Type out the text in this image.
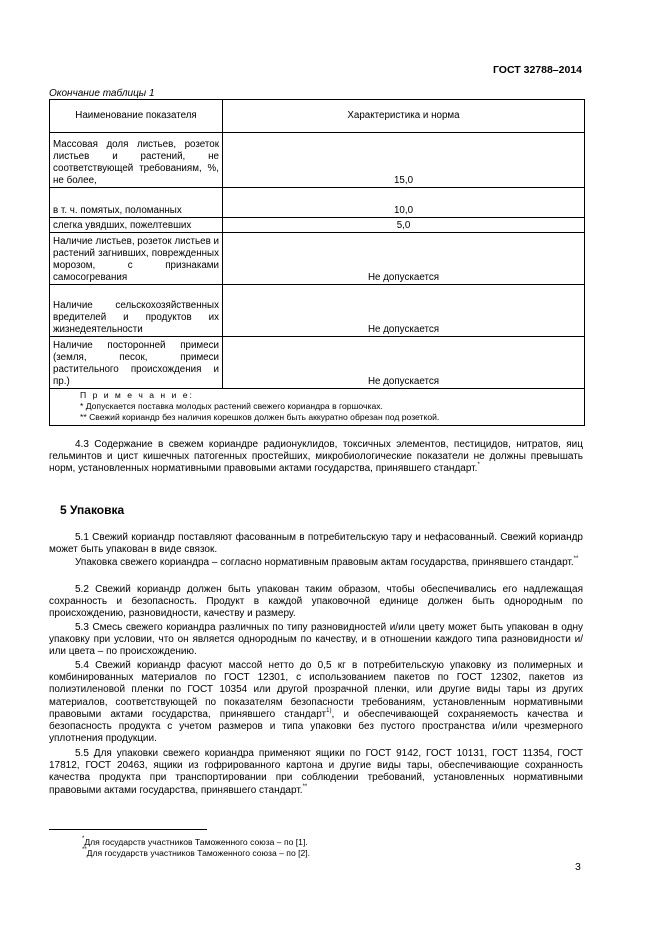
ГОСТ 32788–2014
Окончание таблицы 1
Наименование показателя	Характеристика и норма
Массовая доля листьев, розеток листьев и растений, не соответствующей требованиям, %, не более,	15,0
в т. ч. помятых, поломанных	10,0
слегка увядших, пожелтевших	5,0
Наличие листьев, розеток листьев и растений загнивших, поврежденных морозом, с признаками самосогревания	Не допускается
Наличие сельскохозяйственных вредителей и продуктов их жизнедеятельности	Не допускается
Наличие посторонней примеси (земля, песок, примеси растительного происхождения и пр.)	Не допускается

П р и м е ч а н и е:
* Допускается поставка молодых растений свежего кориандра в горшочках.
** Свежий кориандр без наличия корешков должен быть аккуратно обрезан под розеткой.	
4.3 Содержание в свежем кориандре радионуклидов, токсичных элементов, пестицидов, нитратов, яиц гельминтов и цист кишечных патогенных простейших, микробиологические показатели не должны превышать норм, установленных нормативными правовыми актами государства, принявшего стандарт.*
5 Упаковка
5.1 Свежий кориандр поставляют фасованным в потребительскую тару и нефасованный. Свежий кориандр может быть упакован в виде связок.
Упаковка свежего кориандра – согласно нормативным правовым актам государства, принявшего стандарт.**
5.2 Свежий кориандр должен быть упакован таким образом, чтобы обеспечивались его надлежащая сохранность и безопасность. Продукт в каждой упаковочной единице должен быть однородным по происхождению, разновидности, качеству и размеру.
5.3 Смесь свежего кориандра различных по типу разновидностей и/или цвету может быть упакован в одну упаковку при условии, что он является однородным по качеству, и в отношении каждого типа разновидности и/или цвета – по происхождению.
5.4 Свежий кориандр фасуют массой нетто до 0,5 кг в потребительскую упаковку из полимерных и комбинированных материалов по ГОСТ 12301, с использованием пакетов по ГОСТ 12302, пакетов из полиэтиленовой пленки по ГОСТ 10354 или другой прозрачной пленки, или другие виды тары из других материалов, соответствующей по показателям безопасности требованиям, установленным нормативными правовыми актами государства, принявшего стандарт$^{1)}$, и обеспечивающей сохраняемость качества и безопасность продукта с учетом размеров и типа упаковки без пустого пространства и/или чрезмерного уплотнения продукции.
5.5 Для упаковки свежего кориандра применяют ящики по ГОСТ 9142, ГОСТ 10131, ГОСТ 11354, ГОСТ 17812, ГОСТ 20463, ящики из гофрированного картона и другие виды тары, обеспечивающие сохранность качества продукта при транспортировании при соблюдении требований, установленных нормативными правовыми актами государства, принявшего стандарт.**
*Для государств участников Таможенного союза – по [1].
**Для государств участников Таможенного союза – по [2].
3
